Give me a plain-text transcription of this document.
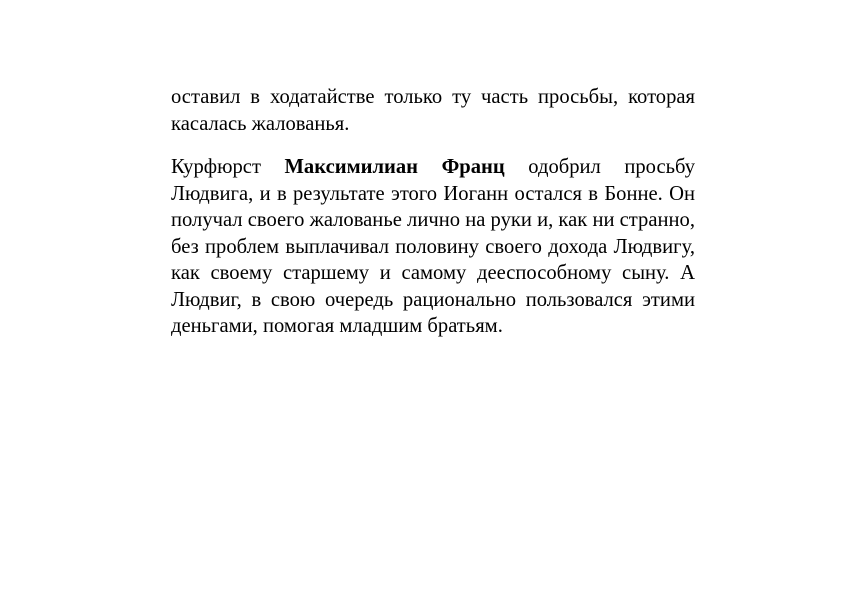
оставил в ходатайстве только ту часть просьбы, которая касалась жалованья.

Курфюрст Максимилиан Франц одобрил просьбу Людвига, и в результате этого Иоганн остался в Бонне. Он получал своего жалованье лично на руки и, как ни странно, без проблем выплачивал половину своего дохода Людвигу, как своему старшему и самому дееспособному сыну. А Людвиг, в свою очередь рационально пользовался этими деньгами, помогая младшим братьям.
